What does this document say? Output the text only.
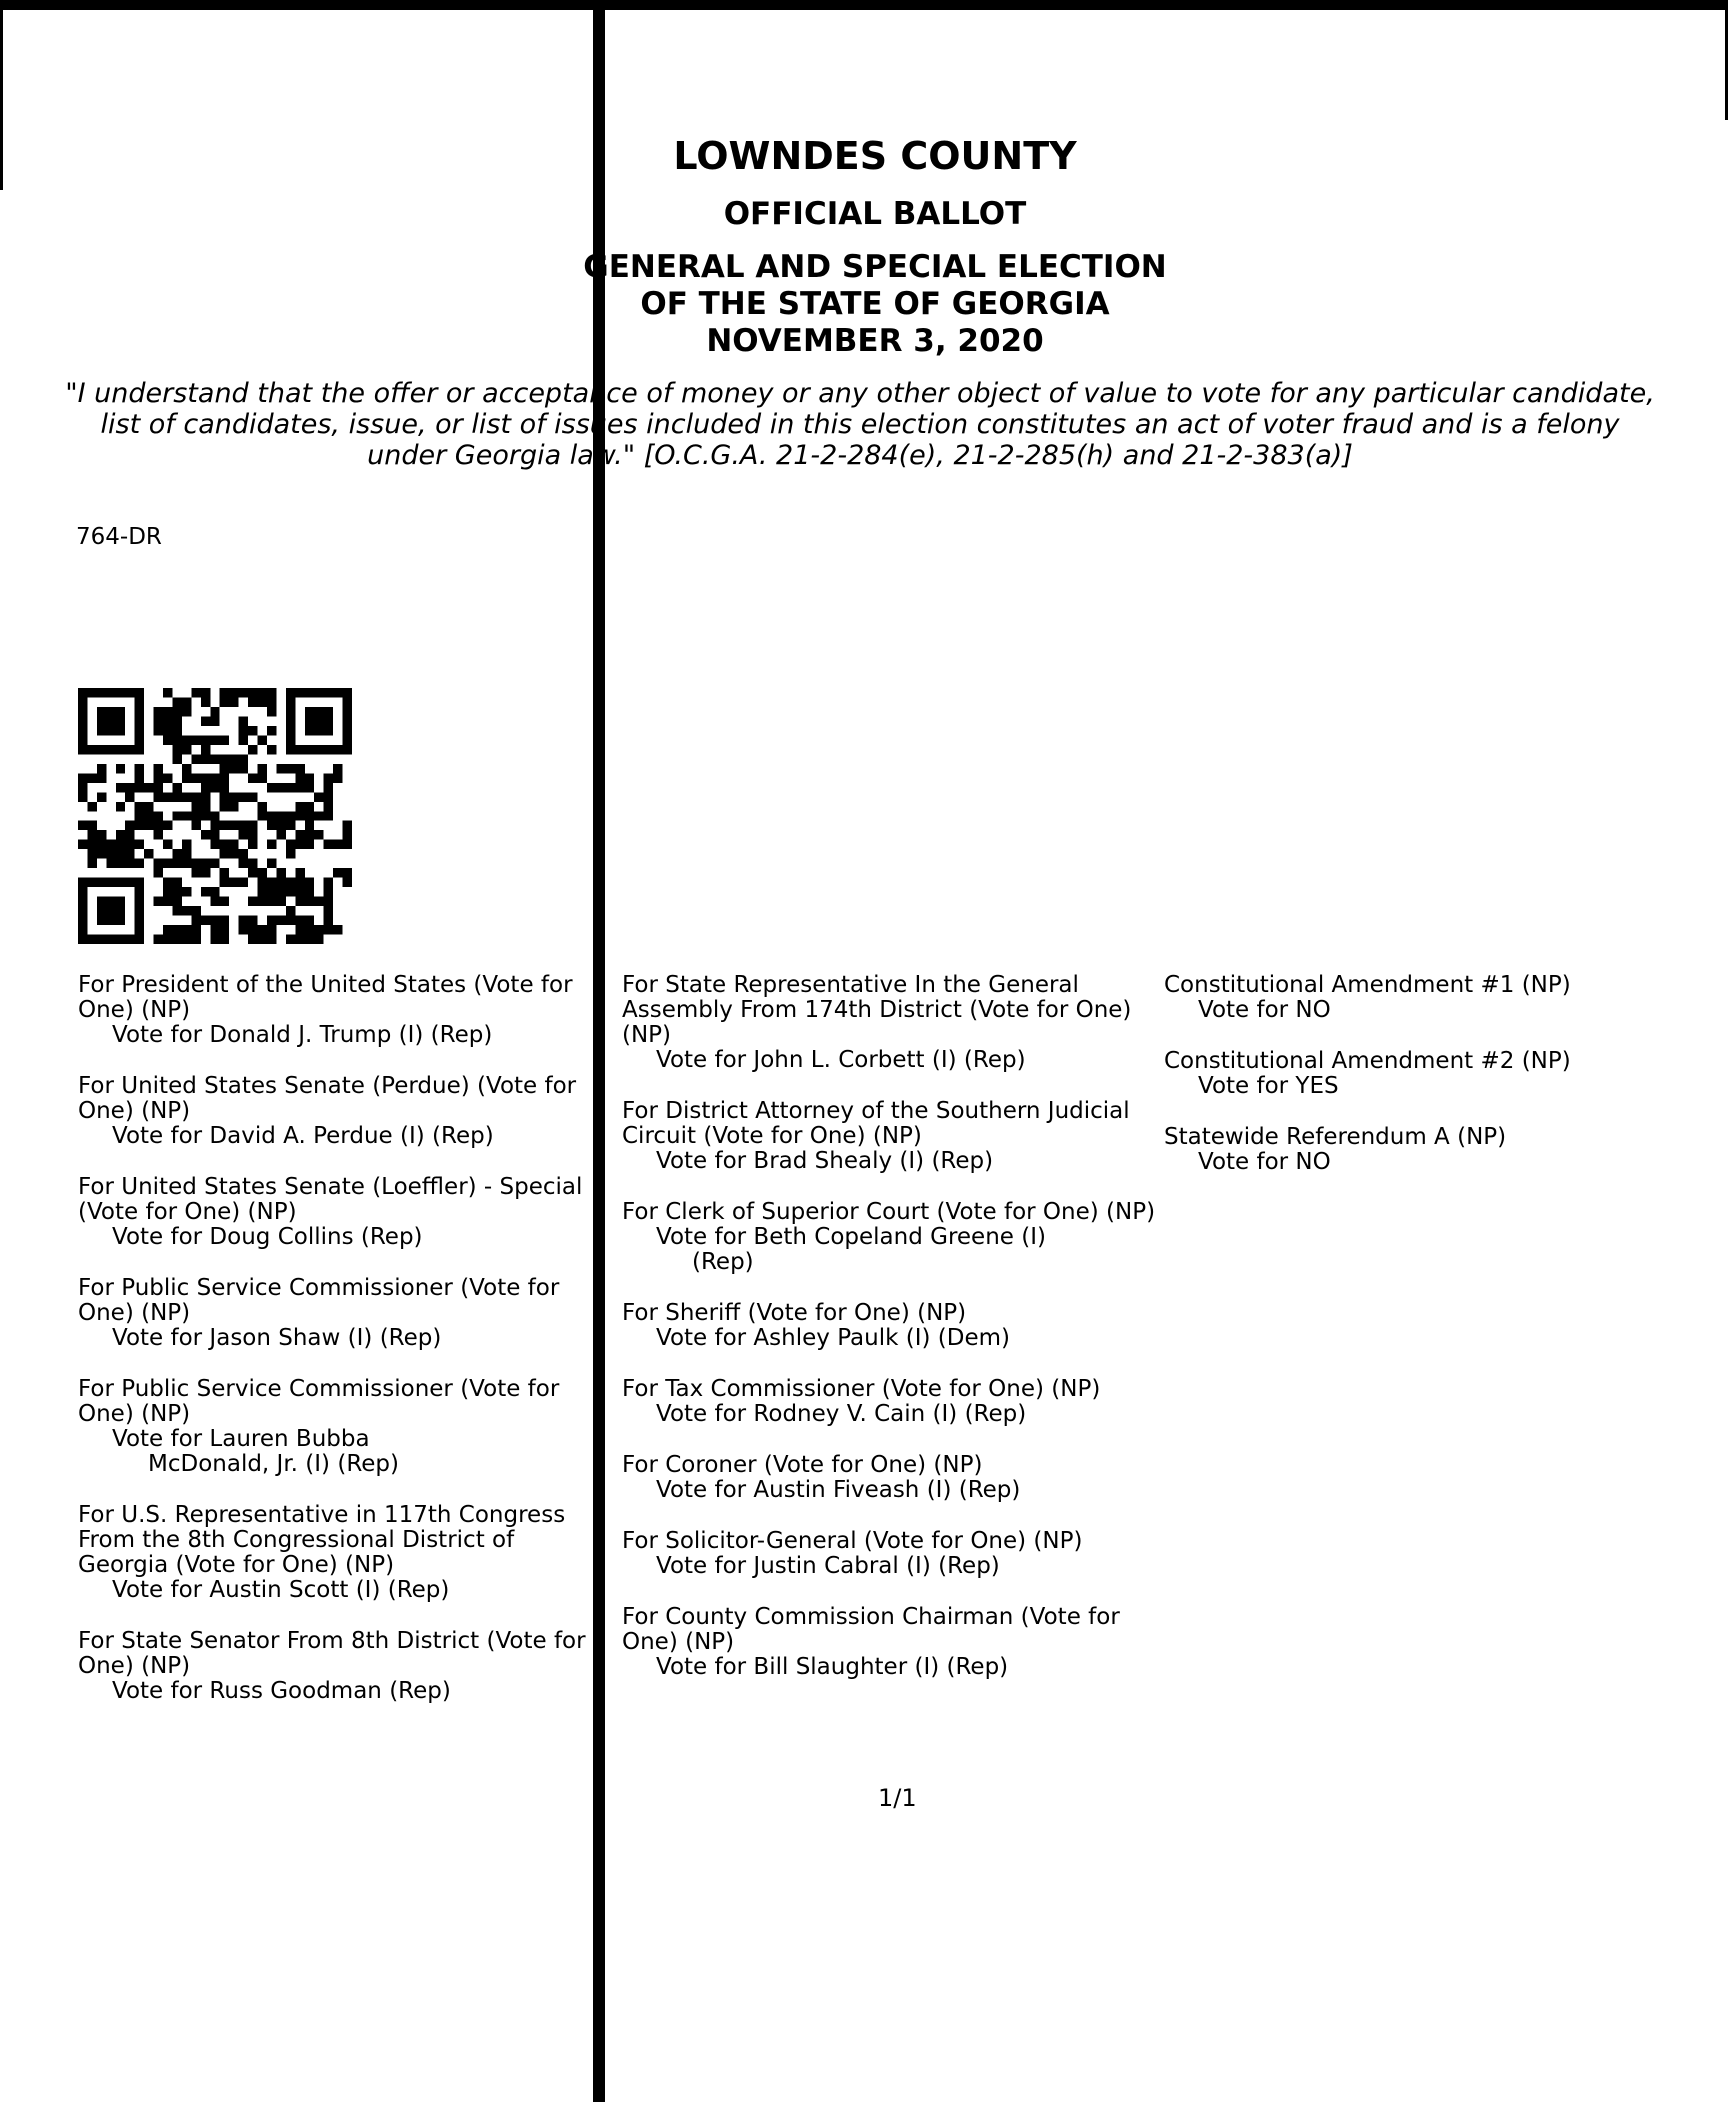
LOWNDES COUNTY
OFFICIAL BALLOT
GENERAL AND SPECIAL ELECTION
OF THE STATE OF GEORGIA
NOVEMBER 3, 2020
"I understand that the offer or acceptance of money or any other object of value to vote for any particular candidate,
list of candidates, issue, or list of issues included in this election constitutes an act of voter fraud and is a felony
under Georgia law." [O.C.G.A. 21-2-284(e), 21-2-285(h) and 21-2-383(a)]
764-DR
For President of the United States (Vote for One) (NP)
Vote for Donald J. Trump (I) (Rep)
For United States Senate (Perdue) (Vote for One) (NP)
Vote for David A. Perdue (I) (Rep)
For United States Senate (Loeffler) - Special (Vote for One) (NP)
Vote for Doug Collins (Rep)
For Public Service Commissioner (Vote for One) (NP)
Vote for Jason Shaw (I) (Rep)
For Public Service Commissioner (Vote for One) (NP)
Vote for Lauren Bubba
McDonald, Jr. (I) (Rep)
For U.S. Representative in 117th Congress From the 8th Congressional District of Georgia (Vote for One) (NP)
Vote for Austin Scott (I) (Rep)
For State Senator From 8th District (Vote for One) (NP)
Vote for Russ Goodman (Rep)
For State Representative In the General Assembly From 174th District (Vote for One) (NP)
Vote for John L. Corbett (I) (Rep)
For District Attorney of the Southern Judicial Circuit (Vote for One) (NP)
Vote for Brad Shealy (I) (Rep)
For Clerk of Superior Court (Vote for One) (NP)
Vote for Beth Copeland Greene (I)
(Rep)
For Sheriff (Vote for One) (NP)
Vote for Ashley Paulk (I) (Dem)
For Tax Commissioner (Vote for One) (NP)
Vote for Rodney V. Cain (I) (Rep)
For Coroner (Vote for One) (NP)
Vote for Austin Fiveash (I) (Rep)
For Solicitor-General (Vote for One) (NP)
Vote for Justin Cabral (I) (Rep)
For County Commission Chairman (Vote for One) (NP)
Vote for Bill Slaughter (I) (Rep)
Constitutional Amendment #1 (NP)
Vote for NO
Constitutional Amendment #2 (NP)
Vote for YES
Statewide Referendum A (NP)
Vote for NO
1/1
